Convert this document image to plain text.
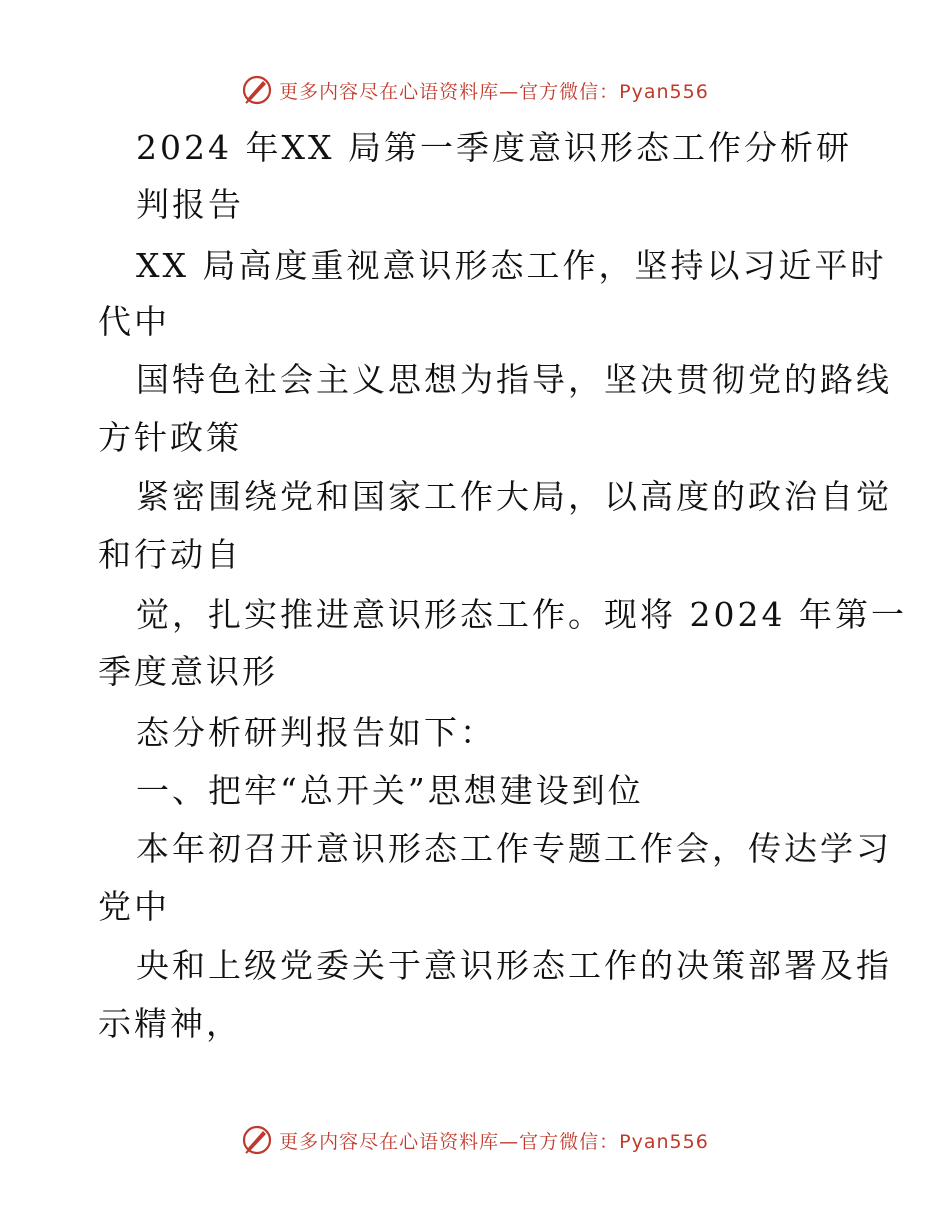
更多内容尽在心语资料库—官方微信：Pyan556
2024 年XX 局第一季度意识形态工作分析研
判报告
XX 局高度重视意识形态工作，坚持以习近平时
代中
国特色社会主义思想为指导，坚决贯彻党的路线
方针政策
紧密围绕党和国家工作大局，以高度的政治自觉
和行动自
觉，扎实推进意识形态工作。现将 2024 年第一
季度意识形
态分析研判报告如下：
一、把牢“总开关”思想建设到位
本年初召开意识形态工作专题工作会，传达学习
党中
央和上级党委关于意识形态工作的决策部署及指
示精神，
更多内容尽在心语资料库—官方微信：Pyan556
